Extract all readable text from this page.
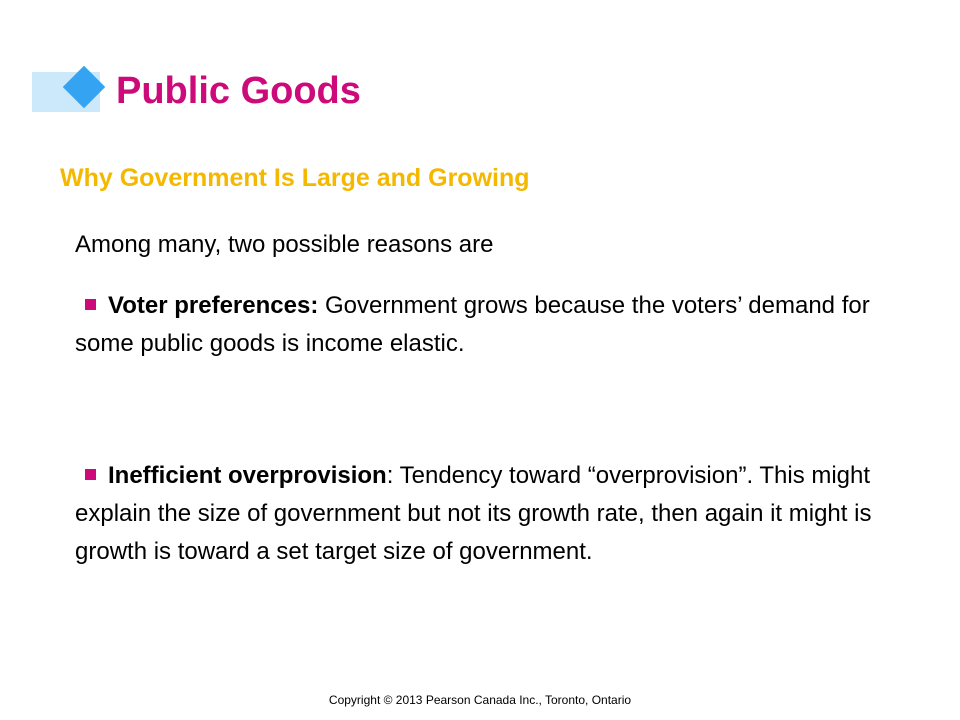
Public Goods
Why Government Is Large and Growing

Among many, two possible reasons are

Voter preferences: Government grows because the voters’ demand for some public goods is income elastic.

Inefficient overprovision: Tendency toward “overprovision”. This might explain the size of government but not its growth rate, then again it might is growth is toward a set target size of government.

Copyright © 2013 Pearson Canada Inc., Toronto, Ontario
